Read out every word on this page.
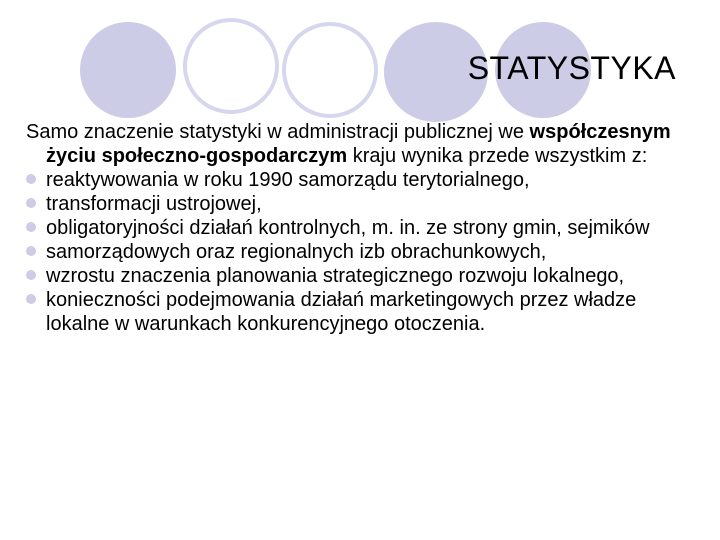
STATYSTYKA

Samo znaczenie statystyki w administracji publicznej we współczesnym życiu społeczno-gospodarczym kraju wynika przede wszystkim z:

reaktywowania w roku 1990 samorządu terytorialnego,
transformacji ustrojowej,
obligatoryjności działań kontrolnych, m. in. ze strony gmin, sejmików
samorządowych oraz regionalnych izb obrachunkowych,
wzrostu znaczenia planowania strategicznego rozwoju lokalnego,
konieczności podejmowania działań marketingowych przez władze lokalne w warunkach konkurencyjnego otoczenia.
